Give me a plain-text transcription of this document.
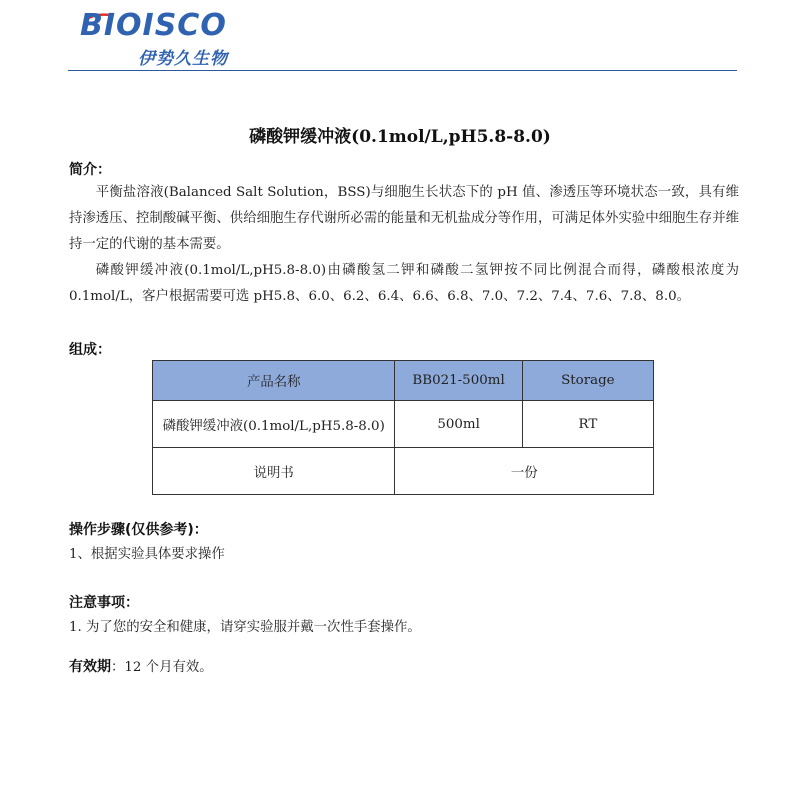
BIOISCO
伊势久生物
磷酸钾缓冲液(0.1mol/L,pH5.8-8.0)
简介：
平衡盐溶液(Balanced Salt Solution，BSS)与细胞生长状态下的 pH 值、渗透压等环境状态一致，具有维持渗透压、控制酸碱平衡、供给细胞生存代谢所必需的能量和无机盐成分等作用，可满足体外实验中细胞生存并维持一定的代谢的基本需要。
磷酸钾缓冲液(0.1mol/L,pH5.8-8.0)由磷酸氢二钾和磷酸二氢钾按不同比例混合而得，磷酸根浓度为0.1mol/L，客户根据需要可选 pH5.8、6.0、6.2、6.4、6.6、6.8、7.0、7.2、7.4、7.6、7.8、8.0。
组成：
产品名称	BB021-500ml	Storage
磷酸钾缓冲液(0.1mol/L,pH5.8-8.0)	500ml	RT
说明书	一份	
操作步骤(仅供参考)：
1、根据实验具体要求操作
注意事项：
1. 为了您的安全和健康，请穿实验服并戴一次性手套操作。
有效期：12 个月有效。
